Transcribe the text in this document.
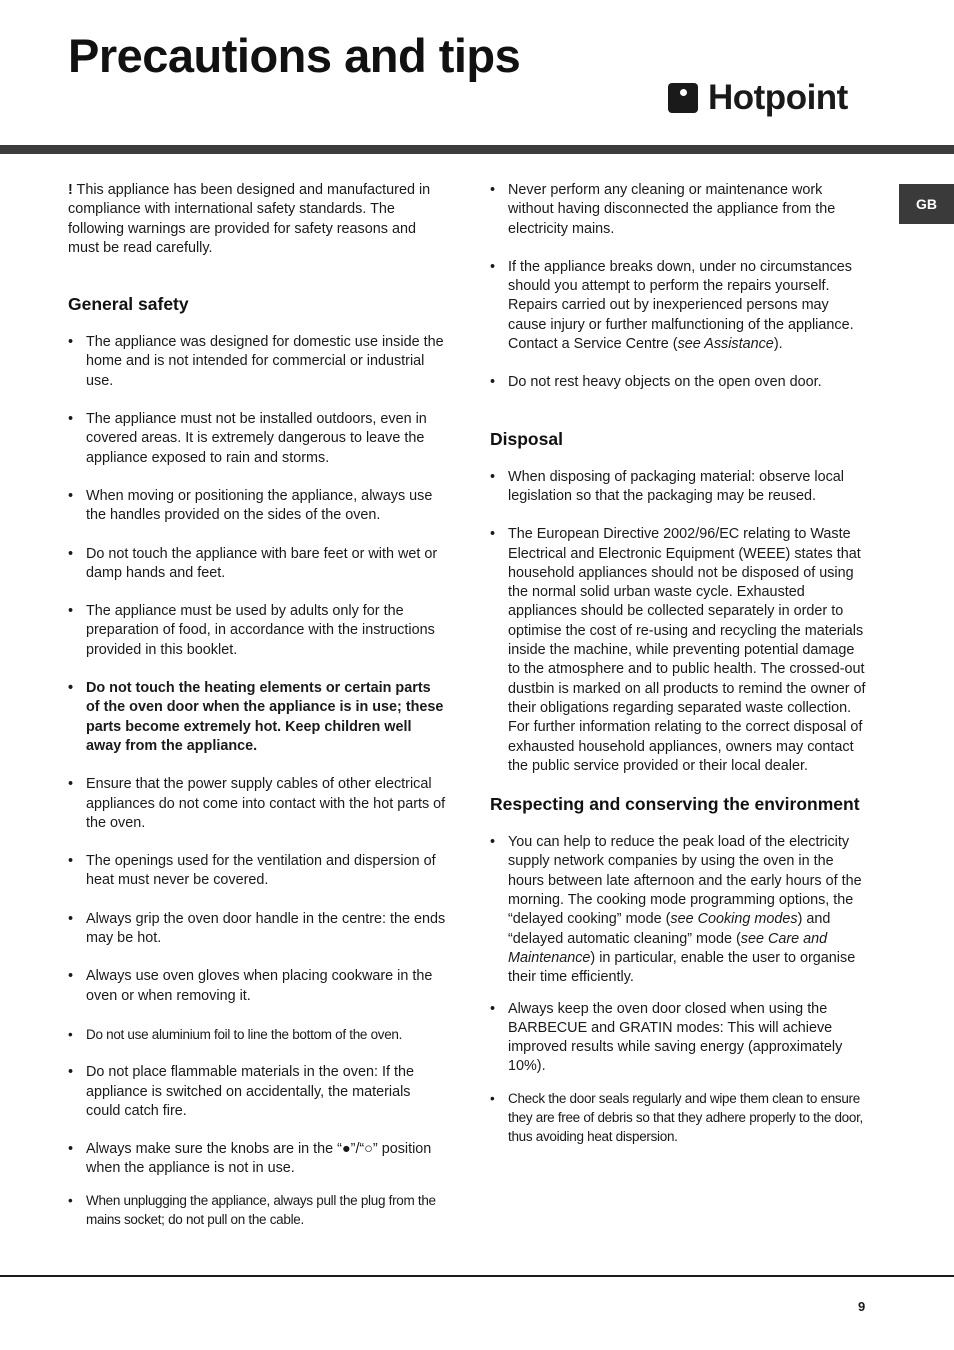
Precautions and tips
Hotpoint
GB

! This appliance has been designed and manufactured in compliance with international safety standards. The following warnings are provided for safety reasons and must be read carefully.

General safety
• The appliance was designed for domestic use inside the home and is not intended for commercial or industrial use.
• The appliance must not be installed outdoors, even in covered areas. It is extremely dangerous to leave the appliance exposed to rain and storms.
• When moving or positioning the appliance, always use the handles provided on the sides of the oven.
• Do not touch the appliance with bare feet or with wet or damp hands and feet.
• The appliance must be used by adults only for the preparation of food, in accordance with the instructions provided in this booklet.
• Do not touch the heating elements or certain parts of the oven door when the appliance is in use; these parts become extremely hot. Keep children well away from the appliance.
• Ensure that the power supply cables of other electrical appliances do not come into contact with the hot parts of the oven.
• The openings used for the ventilation and dispersion of heat must never be covered.
• Always grip the oven door handle in the centre: the ends may be hot.
• Always use oven gloves when placing cookware in the oven or when removing it.
• Do not use aluminium foil to line the bottom of the oven.
• Do not place flammable materials in the oven: If the appliance is switched on accidentally, the materials could catch fire.
• Always make sure the knobs are in the “●”/“○” position when the appliance is not in use.
• When unplugging the appliance, always pull the plug from the mains socket; do not pull on the cable.
• Never perform any cleaning or maintenance work without having disconnected the appliance from the electricity mains.
• If the appliance breaks down, under no circumstances should you attempt to perform the repairs yourself. Repairs carried out by inexperienced persons may cause injury or further malfunctioning of the appliance. Contact a Service Centre (see Assistance).
• Do not rest heavy objects on the open oven door.
Disposal
• When disposing of packaging material: observe local legislation so that the packaging may be reused.
• The European Directive 2002/96/EC relating to Waste Electrical and Electronic Equipment (WEEE) states that household appliances should not be disposed of using the normal solid urban waste cycle. Exhausted appliances should be collected separately in order to optimise the cost of re-using and recycling the materials inside the machine, while preventing potential damage to the atmosphere and to public health. The crossed-out dustbin is marked on all products to remind the owner of their obligations regarding separated waste collection. For further information relating to the correct disposal of exhausted household appliances, owners may contact the public service provided or their local dealer.
Respecting and conserving the environment
• You can help to reduce the peak load of the electricity supply network companies by using the oven in the hours between late afternoon and the early hours of the morning. The cooking mode programming options, the “delayed cooking” mode (see Cooking modes) and “delayed automatic cleaning” mode (see Care and Maintenance) in particular, enable the user to organise their time efficiently.
• Always keep the oven door closed when using the BARBECUE and GRATIN modes: This will achieve improved results while saving energy (approximately 10%).
• Check the door seals regularly and wipe them clean to ensure they are free of debris so that they adhere properly to the door, thus avoiding heat dispersion.
9
